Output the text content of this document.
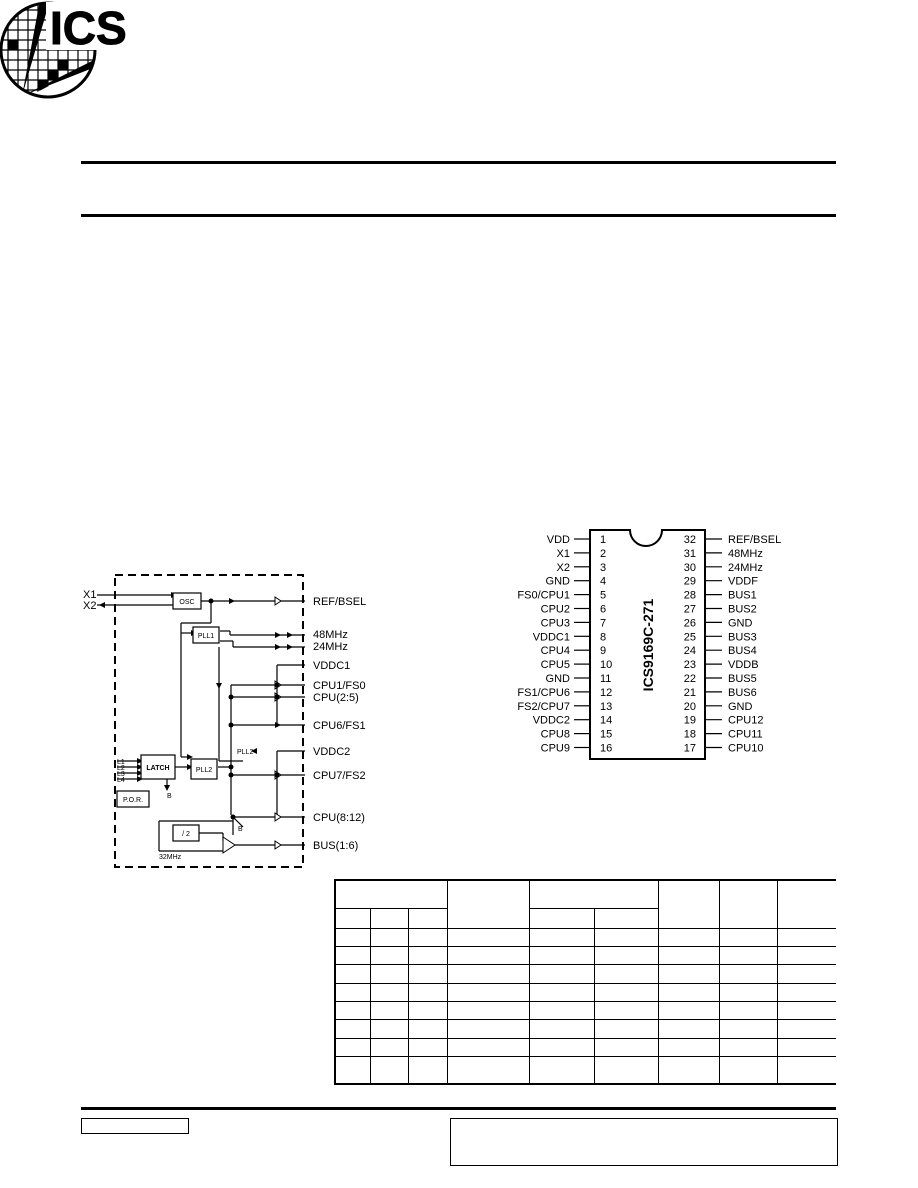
ICS
VDD	1
X1	2
X2	3
GND	4
FS0/CPU1	5
CPU2	6
CPU3	7
VDDC1	8
CPU4	9
CPU5	10
GND	11
FS1/CPU6	12
FS2/CPU7	13
VDDC2	14
CPU8	15
CPU9	16
32	REF/BSEL
31	48MHz
30	24MHz
29	VDDF
28	BUS1
27	BUS2
26	GND
25	BUS3
24	BUS4
23	VDDB
22	BUS5
21	BUS6
20	GND
19	CPU12
18	CPU11
17	CPU10
ICS9169C-271
OSC
PLL1
PLL2
LATCH
P.O.R.
/ 2
L1
L2
L3
L4
B
B
32MHz
PLL2
X1
X2	REF/BSEL
48MHz
24MHz
VDDC1
CPU1/FS0
CPU(2:5)
CPU6/FS1
VDDC2
CPU7/FS2
CPU(8:12)
BUS(1:6)
